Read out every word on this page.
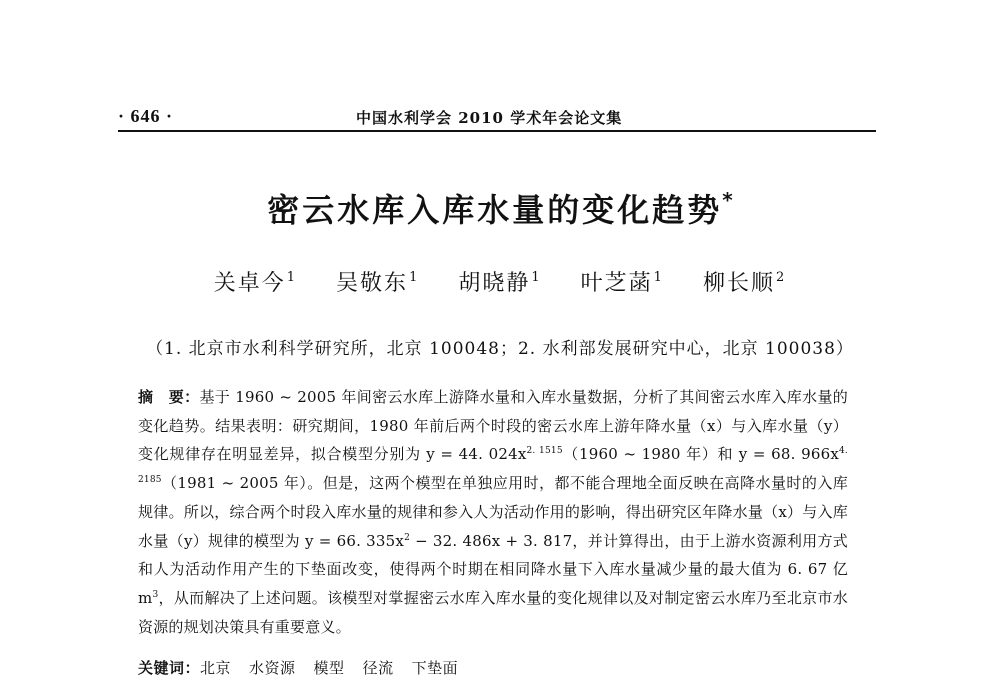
· 646 ·	中国水利学会 2010 学术年会论文集
密云水库入库水量的变化趋势*
关卓今$^1$ 吴敬东$^1$ 胡晓静$^1$ 叶芝菡$^1$ 柳长顺$^2$
（1. 北京市水利科学研究所，北京 100048；2. 水利部发展研究中心，北京 100038）
摘　要：基于 1960 ~ 2005 年间密云水库上游降水量和入库水量数据，分析了其间密云水库入库水量的变化趋势。结果表明：研究期间，1980 年前后两个时段的密云水库上游年降水量（x）与入库水量（y）变化规律存在明显差异，拟合模型分别为 y = 44. $024x^{2. 1515}(1960$ ~ 1980 年）和 y = 68. $966x^{4. 2185}(1981$ ~ 2005 年）。但是，这两个模型在单独应用时，都不能合理地全面反映在高降水量时的入库规律。所以，综合两个时段入库水量的规律和参入人为活动作用的影响，得出研究区年降水量（x）与入库水量（y）规律的模型为 y = 66. $335x^2 - 32$. 486x + 3. 817，并计算得出，由于上游水资源利用方式和人为活动作用产生的下垫面改变，使得两个时期在相同降水量下入库水量减少量的最大值为 6. 67 亿 $m^3$，从而解决了上述问题。该模型对掌握密云水库入库水量的变化规律以及对制定密云水库乃至北京市水资源的规划决策具有重要意义。
关键词：北京 水资源 模型 径流 下垫面
